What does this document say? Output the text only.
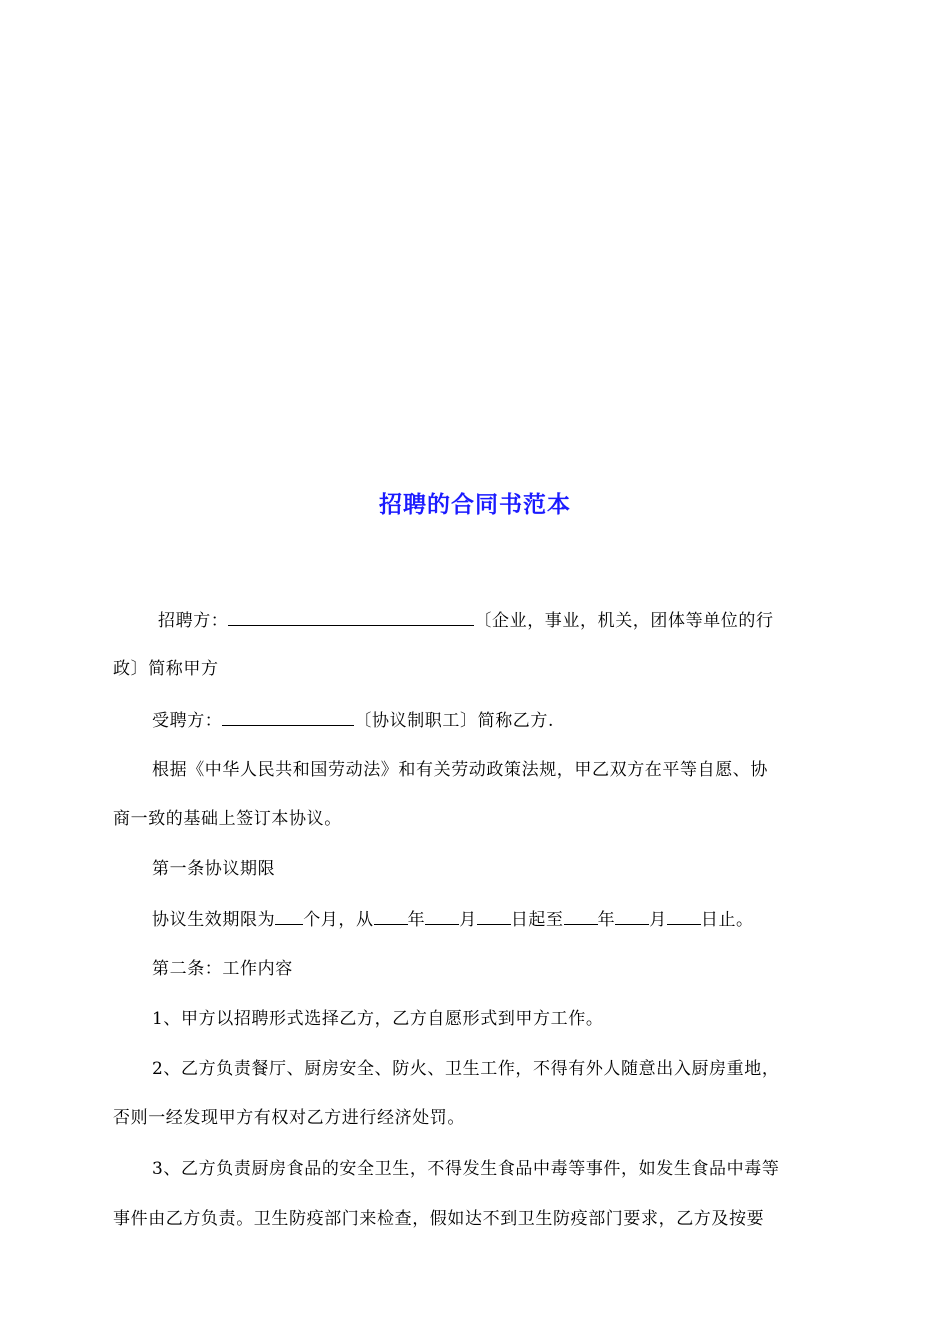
招聘的合同书范本
招聘方：	〔企业，事业，机关，团体等单位的行
政〕简称甲方
受聘方：	〔协议制职工〕简称乙方.
根据《中华人民共和国劳动法》和有关劳动政策法规，甲乙双方在平等自愿、协
商一致的基础上签订本协议。
第一条协议期限
协议生效期限为 个月，从 年 月 日起至 年 月 日止。
第二条：工作内容
1、甲方以招聘形式选择乙方，乙方自愿形式到甲方工作。
2、乙方负责餐厅、厨房安全、防火、卫生工作，不得有外人随意出入厨房重地，
否则一经发现甲方有权对乙方进行经济处罚。
3、乙方负责厨房食品的安全卫生，不得发生食品中毒等事件，如发生食品中毒等
事件由乙方负责。卫生防疫部门来检查，假如达不到卫生防疫部门要求，乙方及按要
